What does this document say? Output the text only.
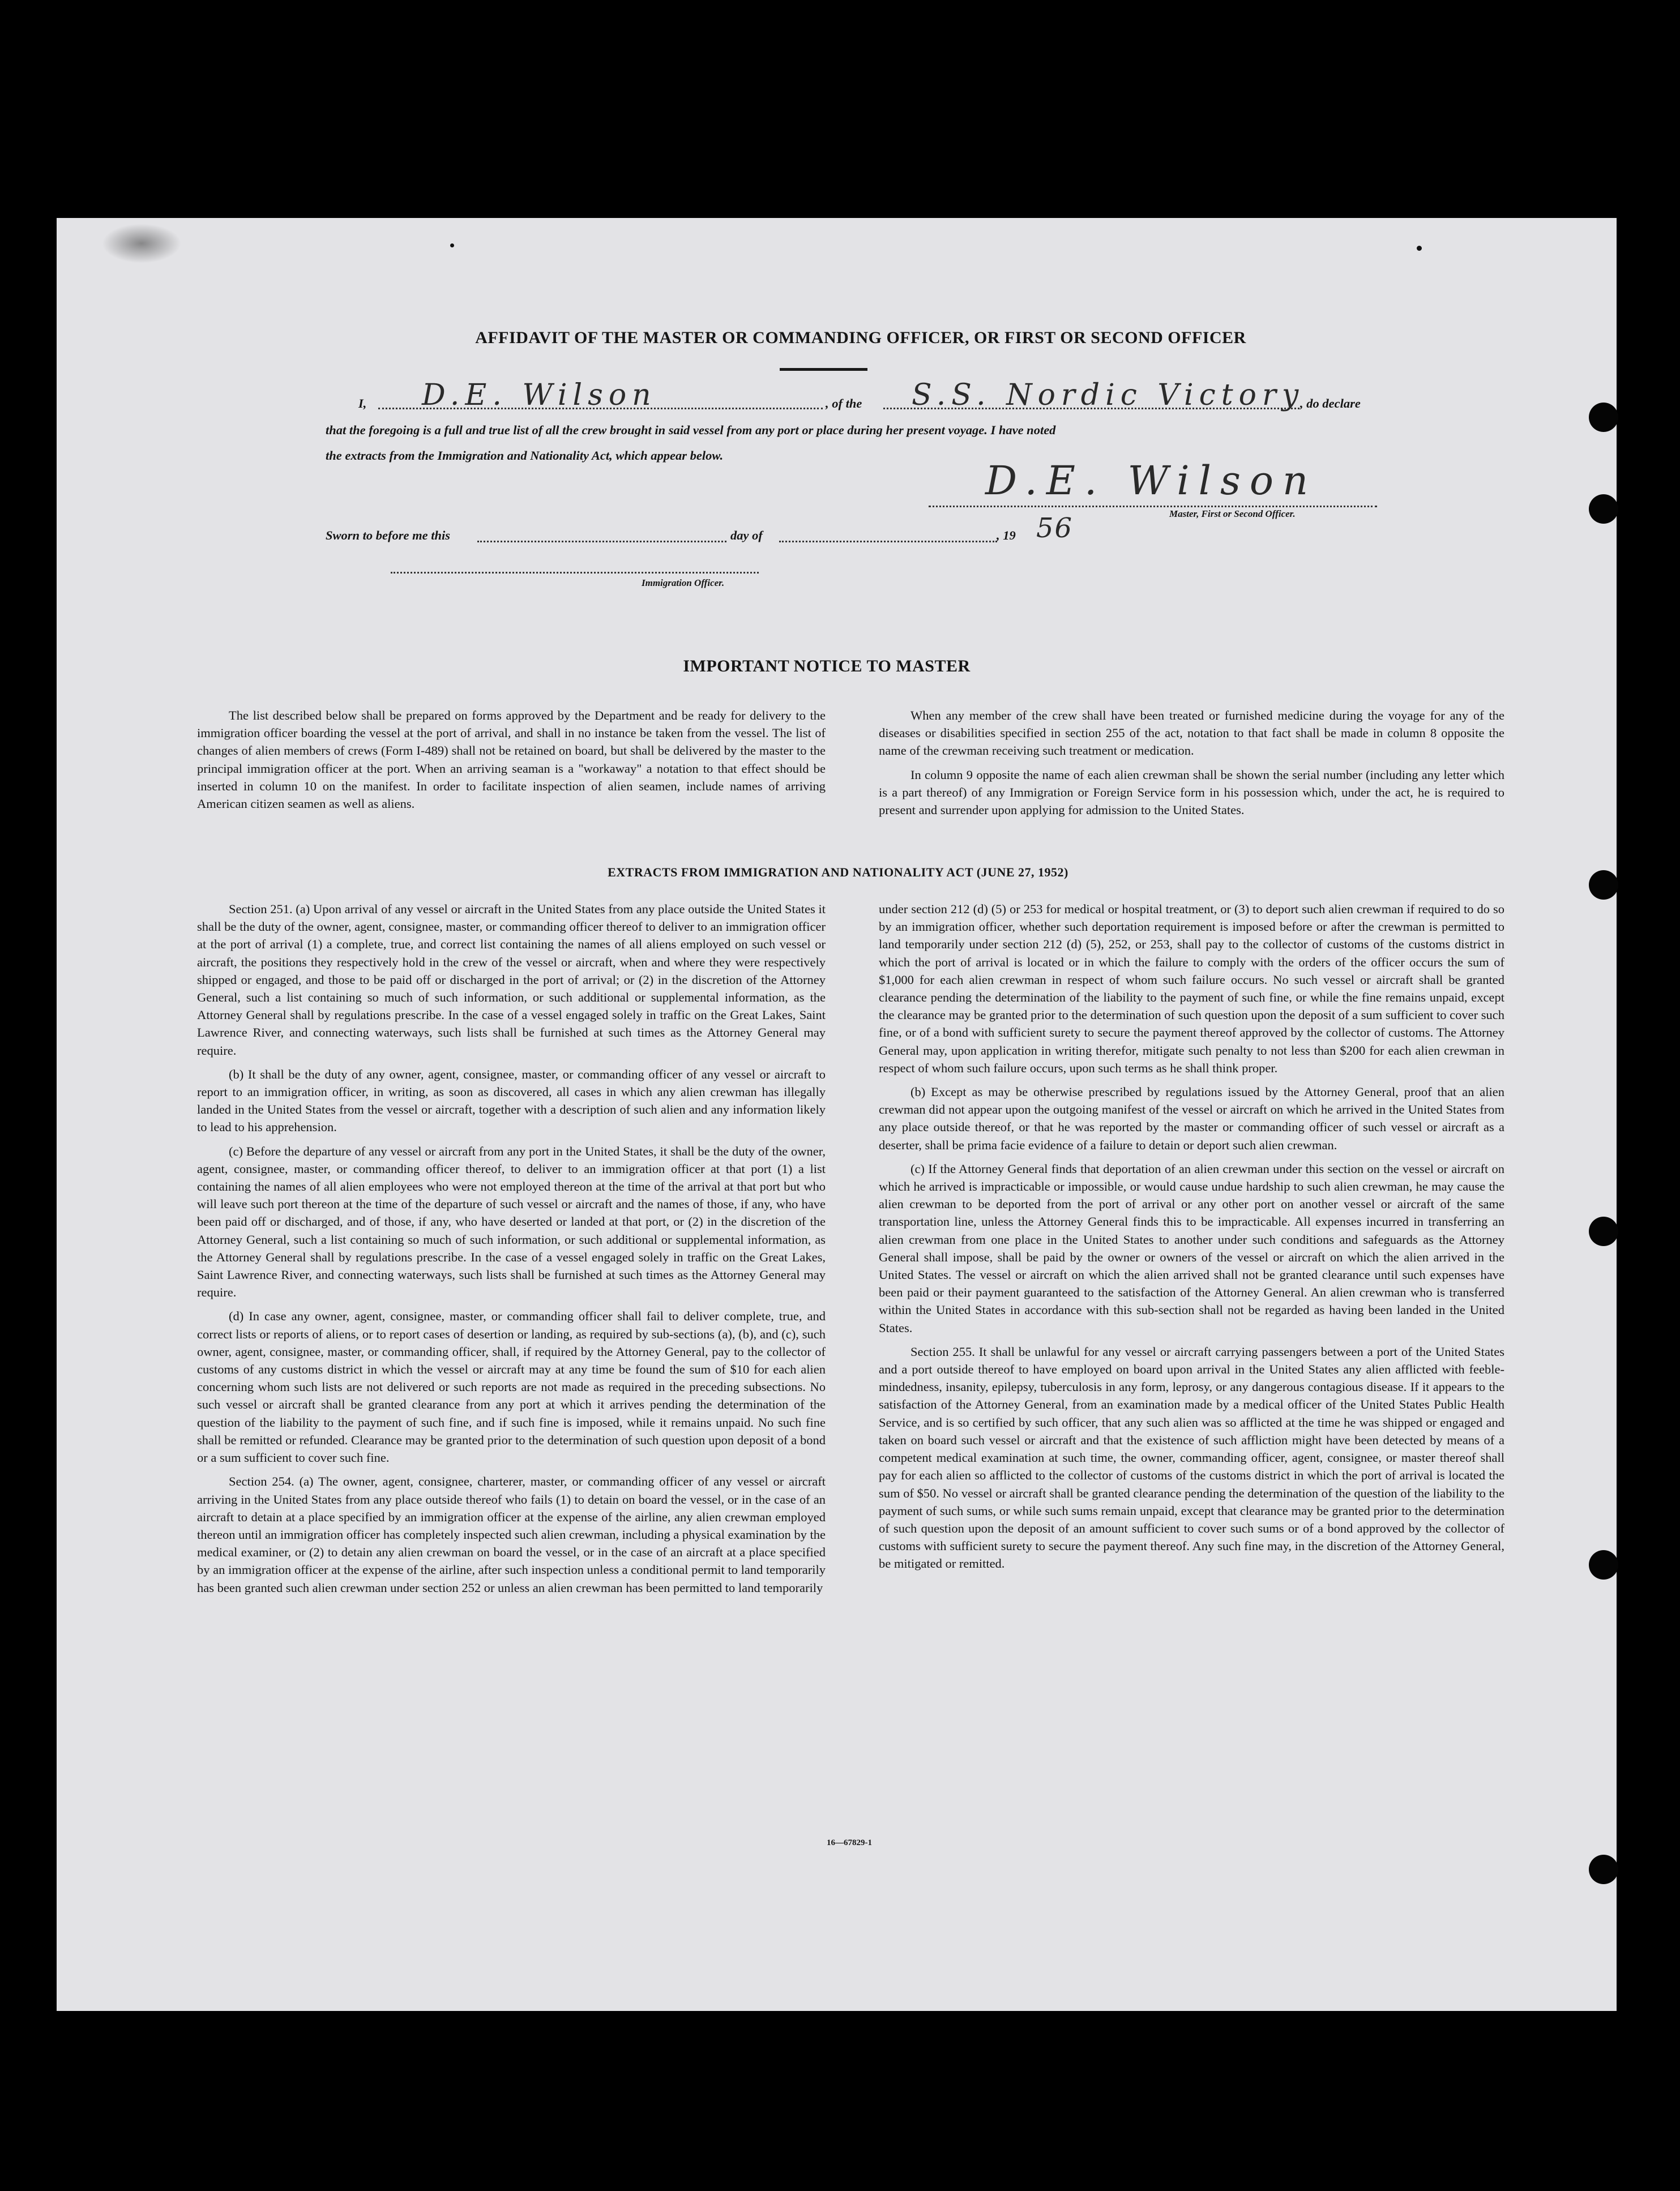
AFFIDAVIT OF THE MASTER OR COMMANDING OFFICER, OR FIRST OR SECOND OFFICER
I, D.E. Wilson	, of the S.S. Nordic Victory
, do declare
that the foregoing is a full and true list of all the crew brought in said vessel from any port or place during her present voyage. I have noted
the extracts from the Immigration and Nationality Act, which appear below.
D.E. Wilson
Master, First or Second Officer.
Sworn to before me this	day of	, 19 56
Immigration Officer.
IMPORTANT NOTICE TO MASTER

The list described below shall be prepared on forms approved by the Department and be ready for delivery to the immigration officer boarding the vessel at the port of arrival, and shall in no instance be taken from the vessel. The list of changes of alien members of crews (Form I-489) shall not be retained on board, but shall be delivered by the master to the principal immigration officer at the port. When an arriving seaman is a "workaway" a notation to that effect should be inserted in column 10 on the manifest. In order to facilitate inspection of alien seamen, include names of arriving American citizen seamen as well as aliens.

When any member of the crew shall have been treated or furnished medicine during the voyage for any of the diseases or disabilities specified in section 255 of the act, notation to that fact shall be made in column 8 opposite the name of the crewman receiving such treatment or medication.

In column 9 opposite the name of each alien crewman shall be shown the serial number (including any letter which is a part thereof) of any Immigration or Foreign Service form in his possession which, under the act, he is required to present and surrender upon applying for admission to the United States.

EXTRACTS FROM IMMIGRATION AND NATIONALITY ACT (JUNE 27, 1952)

Section 251. (a) Upon arrival of any vessel or aircraft in the United States from any place outside the United States it shall be the duty of the owner, agent, consignee, master, or commanding officer thereof to deliver to an immigration officer at the port of arrival (1) a complete, true, and correct list containing the names of all aliens employed on such vessel or aircraft, the positions they respectively hold in the crew of the vessel or aircraft, when and where they were respectively shipped or engaged, and those to be paid off or discharged in the port of arrival; or (2) in the discretion of the Attorney General, such a list containing so much of such information, or such additional or supplemental information, as the Attorney General shall by regulations prescribe. In the case of a vessel engaged solely in traffic on the Great Lakes, Saint Lawrence River, and connecting waterways, such lists shall be furnished at such times as the Attorney General may require.

(b) It shall be the duty of any owner, agent, consignee, master, or commanding officer of any vessel or aircraft to report to an immigration officer, in writing, as soon as discovered, all cases in which any alien crewman has illegally landed in the United States from the vessel or aircraft, together with a description of such alien and any information likely to lead to his apprehension.

(c) Before the departure of any vessel or aircraft from any port in the United States, it shall be the duty of the owner, agent, consignee, master, or commanding officer thereof, to deliver to an immigration officer at that port (1) a list containing the names of all alien employees who were not employed thereon at the time of the arrival at that port but who will leave such port thereon at the time of the departure of such vessel or aircraft and the names of those, if any, who have been paid off or discharged, and of those, if any, who have deserted or landed at that port, or (2) in the discretion of the Attorney General, such a list containing so much of such information, or such additional or supplemental information, as the Attorney General shall by regulations prescribe. In the case of a vessel engaged solely in traffic on the Great Lakes, Saint Lawrence River, and connecting waterways, such lists shall be furnished at such times as the Attorney General may require.

(d) In case any owner, agent, consignee, master, or commanding officer shall fail to deliver complete, true, and correct lists or reports of aliens, or to report cases of desertion or landing, as required by sub-sections (a), (b), and (c), such owner, agent, consignee, master, or commanding officer, shall, if required by the Attorney General, pay to the collector of customs of any customs district in which the vessel or aircraft may at any time be found the sum of $10 for each alien concerning whom such lists are not delivered or such reports are not made as required in the preceding subsections. No such vessel or aircraft shall be granted clearance from any port at which it arrives pending the determination of the question of the liability to the payment of such fine, and if such fine is imposed, while it remains unpaid. No such fine shall be remitted or refunded. Clearance may be granted prior to the determination of such question upon deposit of a bond or a sum sufficient to cover such fine.

Section 254. (a) The owner, agent, consignee, charterer, master, or commanding officer of any vessel or aircraft arriving in the United States from any place outside thereof who fails (1) to detain on board the vessel, or in the case of an aircraft to detain at a place specified by an immigration officer at the expense of the airline, any alien crewman employed thereon until an immigration officer has completely inspected such alien crewman, including a physical examination by the medical examiner, or (2) to detain any alien crewman on board the vessel, or in the case of an aircraft at a place specified by an immigration officer at the expense of the airline, after such inspection unless a conditional permit to land temporarily has been granted such alien crewman under section 252 or unless an alien crewman has been permitted to land temporarily

under section 212 (d) (5) or 253 for medical or hospital treatment, or (3) to deport such alien crewman if required to do so by an immigration officer, whether such deportation requirement is imposed before or after the crewman is permitted to land temporarily under section 212 (d) (5), 252, or 253, shall pay to the collector of customs of the customs district in which the port of arrival is located or in which the failure to comply with the orders of the officer occurs the sum of $1,000 for each alien crewman in respect of whom such failure occurs. No such vessel or aircraft shall be granted clearance pending the determination of the liability to the payment of such fine, or while the fine remains unpaid, except the clearance may be granted prior to the determination of such question upon the deposit of a sum sufficient to cover such fine, or of a bond with sufficient surety to secure the payment thereof approved by the collector of customs. The Attorney General may, upon application in writing therefor, mitigate such penalty to not less than $200 for each alien crewman in respect of whom such failure occurs, upon such terms as he shall think proper.

(b) Except as may be otherwise prescribed by regulations issued by the Attorney General, proof that an alien crewman did not appear upon the outgoing manifest of the vessel or aircraft on which he arrived in the United States from any place outside thereof, or that he was reported by the master or commanding officer of such vessel or aircraft as a deserter, shall be prima facie evidence of a failure to detain or deport such alien crewman.

(c) If the Attorney General finds that deportation of an alien crewman under this section on the vessel or aircraft on which he arrived is impracticable or impossible, or would cause undue hardship to such alien crewman, he may cause the alien crewman to be deported from the port of arrival or any other port on another vessel or aircraft of the same transportation line, unless the Attorney General finds this to be impracticable. All expenses incurred in transferring an alien crewman from one place in the United States to another under such conditions and safeguards as the Attorney General shall impose, shall be paid by the owner or owners of the vessel or aircraft on which the alien arrived in the United States. The vessel or aircraft on which the alien arrived shall not be granted clearance until such expenses have been paid or their payment guaranteed to the satisfaction of the Attorney General. An alien crewman who is transferred within the United States in accordance with this sub-section shall not be regarded as having been landed in the United States.

Section 255. It shall be unlawful for any vessel or aircraft carrying passengers between a port of the United States and a port outside thereof to have employed on board upon arrival in the United States any alien afflicted with feeble-mindedness, insanity, epilepsy, tuberculosis in any form, leprosy, or any dangerous contagious disease. If it appears to the satisfaction of the Attorney General, from an examination made by a medical officer of the United States Public Health Service, and is so certified by such officer, that any such alien was so afflicted at the time he was shipped or engaged and taken on board such vessel or aircraft and that the existence of such affliction might have been detected by means of a competent medical examination at such time, the owner, commanding officer, agent, consignee, or master thereof shall pay for each alien so afflicted to the collector of customs of the customs district in which the port of arrival is located the sum of $50. No vessel or aircraft shall be granted clearance pending the determination of the question of the liability to the payment of such sums, or while such sums remain unpaid, except that clearance may be granted prior to the determination of such question upon the deposit of an amount sufficient to cover such sums or of a bond approved by the collector of customs with sufficient surety to secure the payment thereof. Any such fine may, in the discretion of the Attorney General, be mitigated or remitted.

16—67829-1
